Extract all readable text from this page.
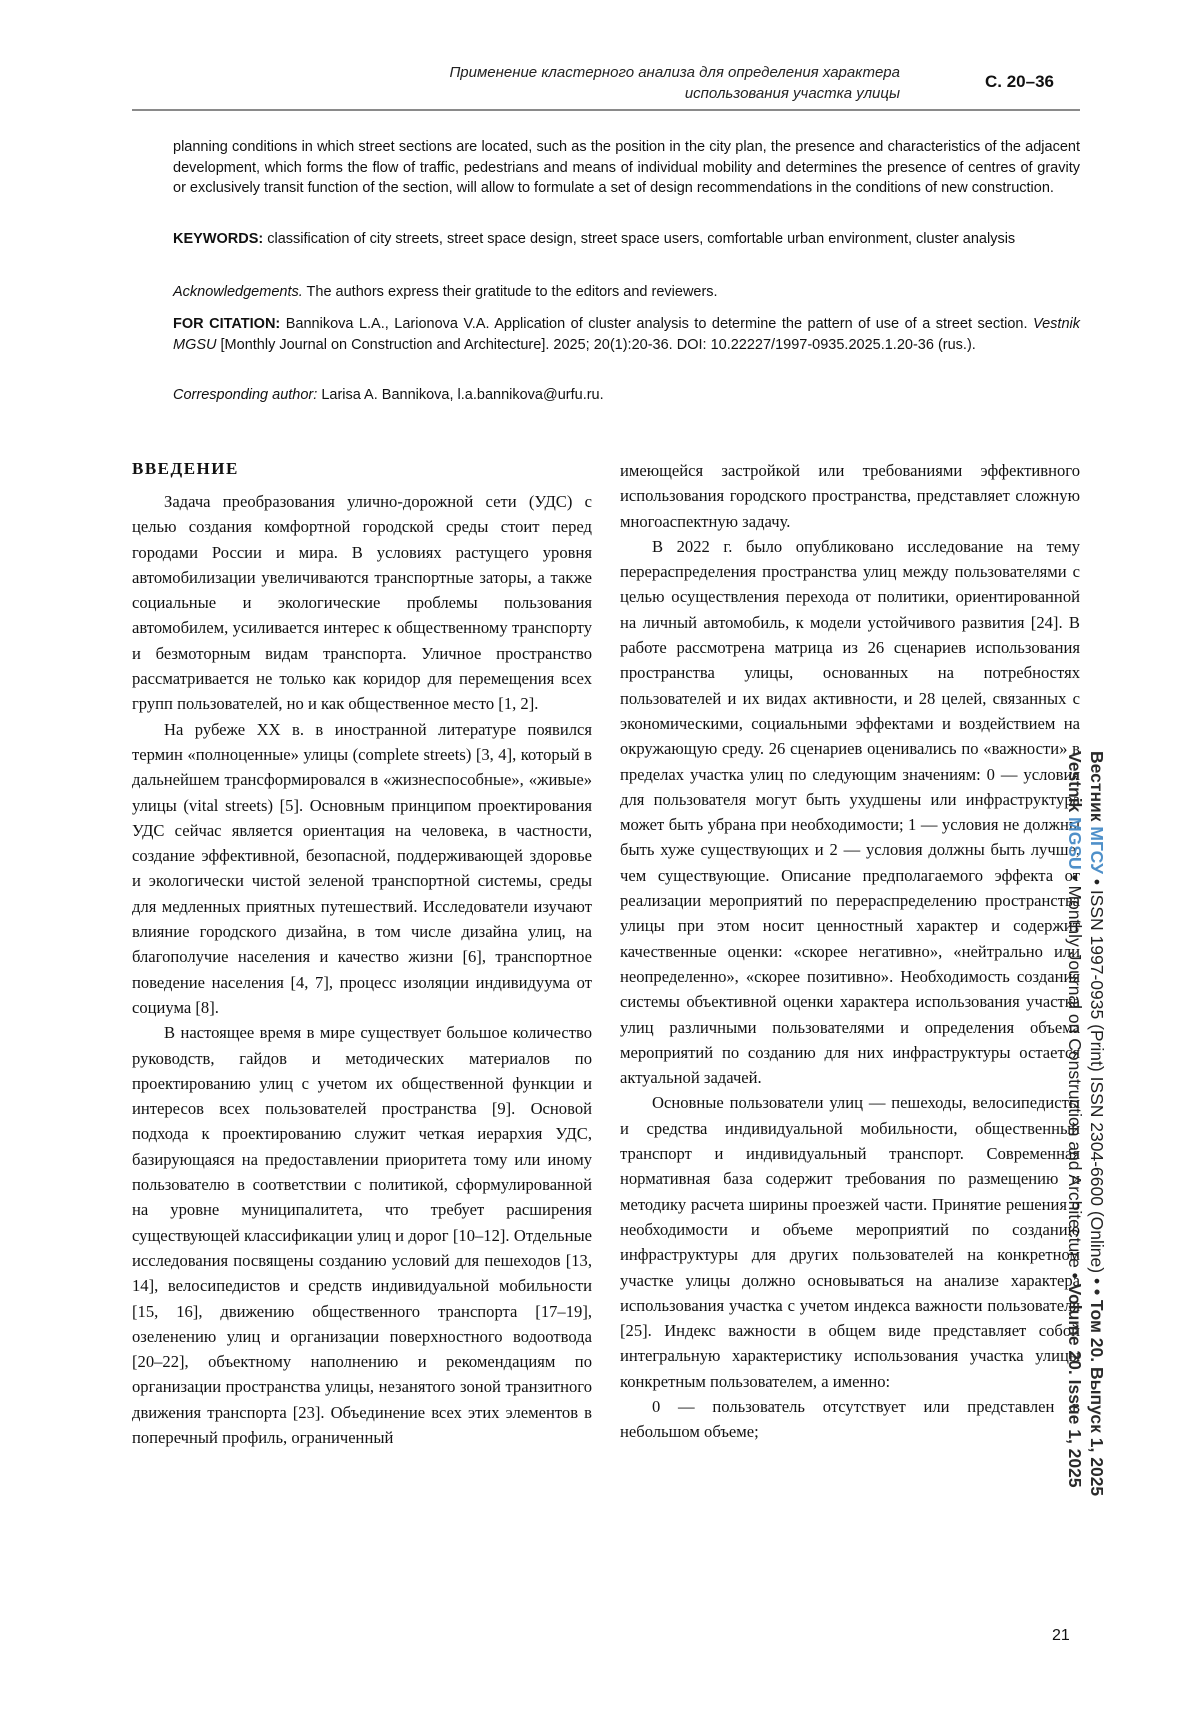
Применение кластерного анализа для определения характера
использования участка улицы
С. 20–36
planning conditions in which street sections are located, such as the position in the city plan, the presence and characteristics of the adjacent development, which forms the flow of traffic, pedestrians and means of individual mobility and determines the presence of centres of gravity or exclusively transit function of the section, will allow to formulate a set of design recommendations in the conditions of new construction.
KEYWORDS: classification of city streets, street space design, street space users, comfortable urban environment, cluster analysis
Acknowledgements. The authors express their gratitude to the editors and reviewers.
FOR CITATION: Bannikova L.A., Larionova V.A. Application of cluster analysis to determine the pattern of use of a street section. Vestnik MGSU [Monthly Journal on Construction and Architecture]. 2025; 20(1):20-36. DOI: 10.22227/1997-0935.2025.1.20-36 (rus.).
Corresponding author: Larisa A. Bannikova, l.a.bannikova@urfu.ru.
ВВЕДЕНИЕ

Задача преобразования улично-дорожной сети (УДС) с целью создания комфортной городской среды стоит перед городами России и мира. В условиях растущего уровня автомобилизации увеличиваются транспортные заторы, а также социальные и экологические проблемы пользования автомобилем, усиливается интерес к общественному транспорту и безмоторным видам транспорта. Уличное пространство рассматривается не только как коридор для перемещения всех групп пользователей, но и как общественное место [1, 2].

На рубеже XX в. в иностранной литературе появился термин «полноценные» улицы (complete streets) [3, 4], который в дальнейшем трансформировался в «жизнеспособные», «живые» улицы (vital streets) [5]. Основным принципом проектирования УДС сейчас является ориентация на человека, в частности, создание эффективной, безопасной, поддерживающей здоровье и экологически чистой зеленой транспортной системы, среды для медленных приятных путешествий. Исследователи изучают влияние городского дизайна, в том числе дизайна улиц, на благополучие населения и качество жизни [6], транспортное поведение населения [4, 7], процесс изоляции индивидуума от социума [8].

В настоящее время в мире существует большое количество руководств, гайдов и методических материалов по проектированию улиц с учетом их общественной функции и интересов всех пользователей пространства [9]. Основой подхода к проектированию служит четкая иерархия УДС, базирующаяся на предоставлении приоритета тому или иному пользователю в соответствии с политикой, сформулированной на уровне муниципалитета, что требует расширения существующей классификации улиц и дорог [10–12]. Отдельные исследования посвящены созданию условий для пешеходов [13, 14], велосипедистов и средств индивидуальной мобильности [15, 16], движению общественного транспорта [17–19], озеленению улиц и организации поверхностного водоотвода [20–22], объектному наполнению и рекомендациям по организации пространства улицы, незанятого зоной транзитного движения транспорта [23]. Объединение всех этих элементов в поперечный профиль, ограниченный

имеющейся застройкой или требованиями эффективного использования городского пространства, представляет сложную многоаспектную задачу.

В 2022 г. было опубликовано исследование на тему перераспределения пространства улиц между пользователями с целью осуществления перехода от политики, ориентированной на личный автомобиль, к модели устойчивого развития [24]. В работе рассмотрена матрица из 26 сценариев использования пространства улицы, основанных на потребностях пользователей и их видах активности, и 28 целей, связанных с экономическими, социальными эффектами и воздействием на окружающую среду. 26 сценариев оценивались по «важности» в пределах участка улиц по следующим значениям: 0 — условия для пользователя могут быть ухудшены или инфраструктура может быть убрана при необходимости; 1 — условия не должны быть хуже существующих и 2 — условия должны быть лучше, чем существующие. Описание предполагаемого эффекта от реализации мероприятий по перераспределению пространства улицы при этом носит ценностный характер и содержит качественные оценки: «скорее негативно», «нейтрально или неопределенно», «скорее позитивно». Необходимость создания системы объективной оценки характера использования участка улиц различными пользователями и определения объема мероприятий по созданию для них инфраструктуры остается актуальной задачей.

Основные пользователи улиц — пешеходы, велосипедисты и средства индивидуальной мобильности, общественный транспорт и индивидуальный транспорт. Современная нормативная база содержит требования по размещению и методику расчета ширины проезжей части. Принятие решения о необходимости и объеме мероприятий по созданию инфраструктуры для других пользователей на конкретном участке улицы должно основываться на анализе характера использования участка с учетом индекса важности пользователя [25]. Индекс важности в общем виде представляет собой интегральную характеристику использования участка улицы конкретным пользователем, а именно:

0 — пользователь отсутствует или представлен в небольшом объеме;

Вестник МГСУ • ISSN 1997-0935 (Print) ISSN 2304-6600 (Online) • • Том 20. Выпуск 1, 2025
Vestnik MGSU • Monthly Journal on Construction and Architecture • Volume 20. Issue 1, 2025
21
